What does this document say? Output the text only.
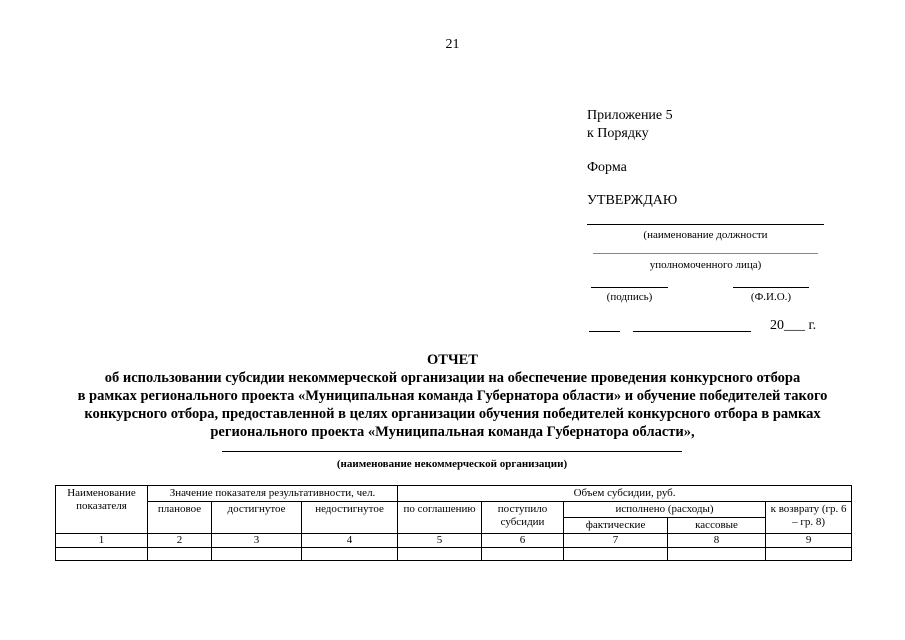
21
Приложение 5
к Порядку
Форма
УТВЕРЖДАЮ
(наименование должности
уполномоченного лица)
(подпись)	(Ф.И.О.)
20___ г.
ОТЧЕТ
об использовании субсидии некоммерческой организации на обеспечение проведения конкурсного отбора
в рамках регионального проекта «Муниципальная команда Губернатора области» и обучение победителей такого
конкурсного отбора, предоставленной в целях организации обучения победителей конкурсного отбора в рамках
регионального проекта «Муниципальная команда Губернатора области»,
(наименование некоммерческой организации)
Наименование показателя	Значение показателя результативности, чел.			Объем субсидии, руб.				
	плановое	достигнутое	недостигнутое	по соглашению	поступило субсидии	исполнено (расходы)		к возврату (гр. 6 – гр. 8)
						фактические	кассовые	
1	2	3	4	5	6	7	8	9
